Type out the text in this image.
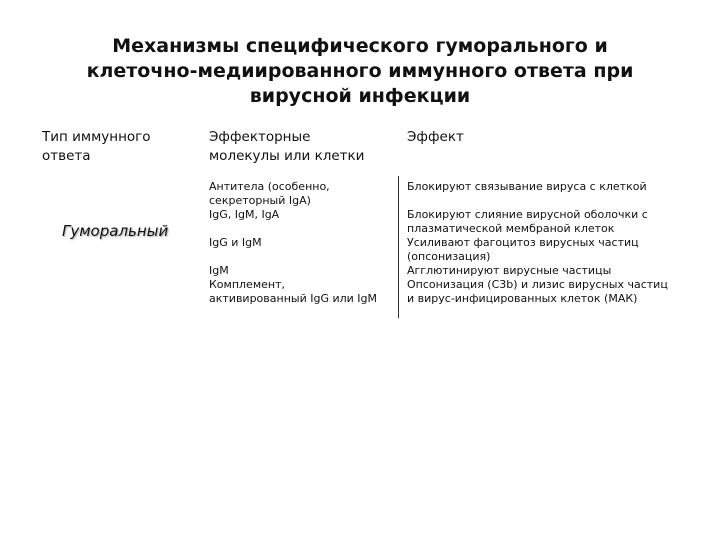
Механизмы специфического гуморального и
клеточно-медиированного иммунного ответа при
вирусной инфекции
Тип иммунного
ответа
Эффекторные
молекулы или клетки
Эффект
Гуморальный
Антитела (особенно,
секреторный IgA)
IgG, IgM, IgA
IgG и IgM
IgM
Комплемент,
активированный IgG или IgM
Блокируют связывание вируса с клеткой
Блокируют слияние вирусной оболочки с
плазматической мембраной клеток
Усиливают фагоцитоз вирусных частиц
(опсонизация)
Агглютинируют вирусные частицы
Опсонизация (C3b) и лизис вирусных частиц
и вирус-инфицированных клеток (МАК)
